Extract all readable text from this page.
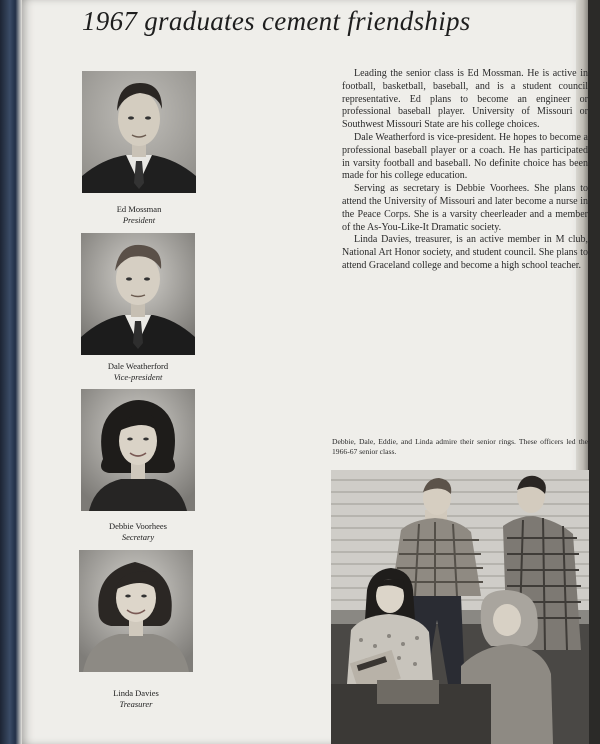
1967 graduates cement friendships
Ed Mossman
President
Dale Weatherford
Vice-president
Debbie Voorhees
Secretary
Linda Davies
Treasurer

Leading the senior class is Ed Mossman. He is active in football, basketball, baseball, and is a student council representative. Ed plans to become an engineer or professional baseball player. University of Missouri or Southwest Missouri State are his college choices.

Dale Weatherford is vice-president. He hopes to become a professional baseball player or a coach. He has participated in varsity football and baseball. No definite choice has been made for his college education.

Serving as secretary is Debbie Voorhees. She plans to attend the University of Missouri and later become a nurse in the Peace Corps. She is a varsity cheerleader and a member of the As-You-Like-It Dramatic society.

Linda Davies, treasurer, is an active member in M club, National Art Honor society, and student council. She plans to attend Graceland college and become a high school teacher.

Debbie, Dale, Eddie, and Linda admire their senior rings. These officers led the 1966-67 senior class.
